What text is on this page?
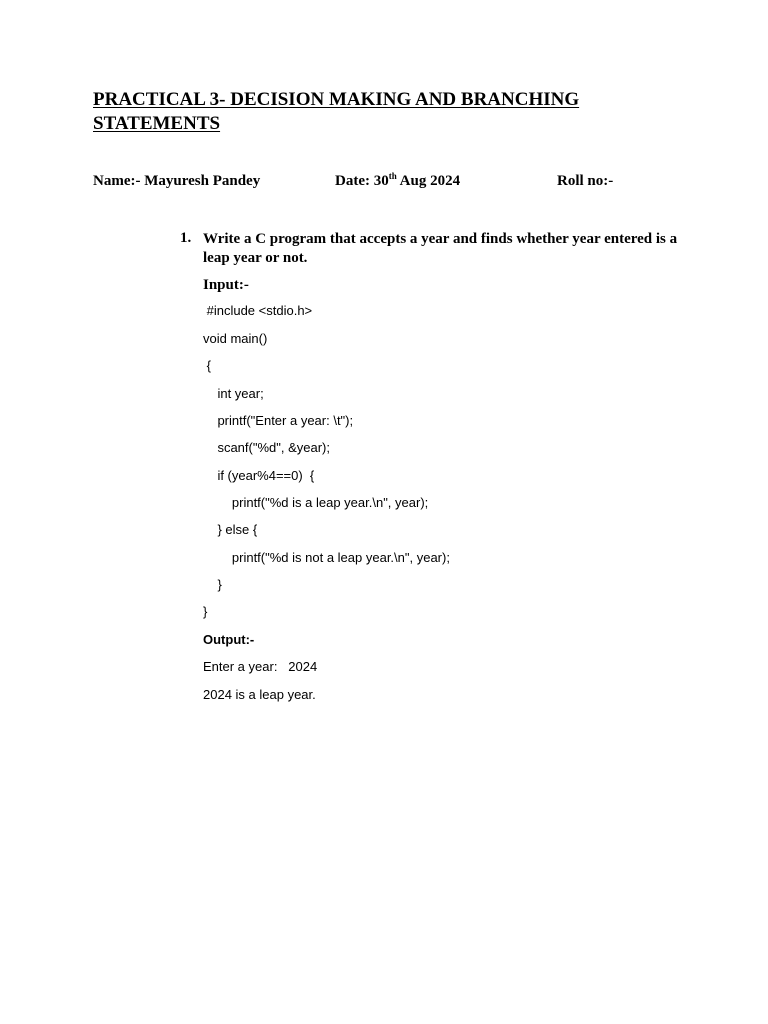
PRACTICAL 3- DECISION MAKING AND BRANCHING STATEMENTS
Name:- Mayuresh Pandey	Date: 30th Aug 2024	Roll no:-
1. Write a C program that accepts a year and finds whether year entered is a leap year or not.
Input:-
#include <stdio.h>
void main()
{
int year;
printf("Enter a year: \t");
scanf("%d", &year);
if (year%4==0)  {
printf("%d is a leap year.\n", year);
} else {
printf("%d is not a leap year.\n", year);
}
}
Output:-
Enter a year:   2024
2024 is a leap year.
